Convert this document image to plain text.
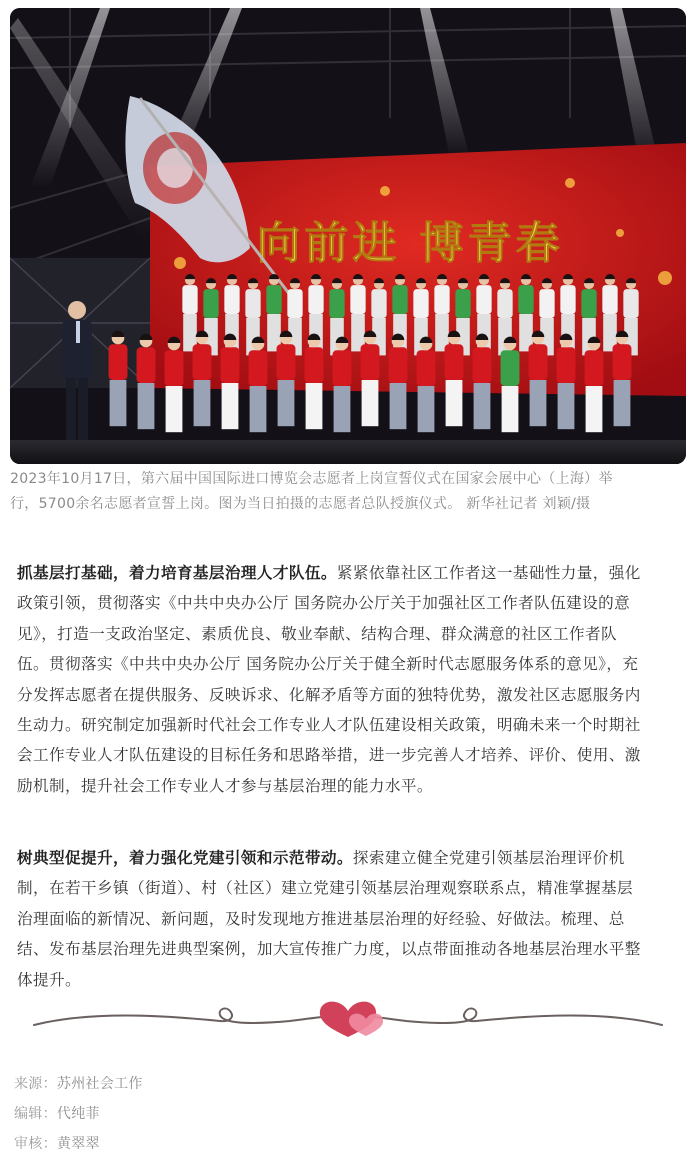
向前进 博青春
2023年10月17日，第六届中国国际进口博览会志愿者上岗宣誓仪式在国家会展中心（上海）举
行，5700余名志愿者宣誓上岗。图为当日拍摄的志愿者总队授旗仪式。 新华社记者 刘颖/摄
抓基层打基础，着力培育基层治理人才队伍。紧紧依靠社区工作者这一基础性力量，强化
政策引领，贯彻落实《中共中央办公厅 国务院办公厅关于加强社区工作者队伍建设的意
见》，打造一支政治坚定、素质优良、敬业奉献、结构合理、群众满意的社区工作者队
伍。贯彻落实《中共中央办公厅 国务院办公厅关于健全新时代志愿服务体系的意见》，充
分发挥志愿者在提供服务、反映诉求、化解矛盾等方面的独特优势，激发社区志愿服务内
生动力。研究制定加强新时代社会工作专业人才队伍建设相关政策，明确未来一个时期社
会工作专业人才队伍建设的目标任务和思路举措，进一步完善人才培养、评价、使用、激
励机制，提升社会工作专业人才参与基层治理的能力水平。
树典型促提升，着力强化党建引领和示范带动。探索建立健全党建引领基层治理评价机
制，在若干乡镇（街道）、村（社区）建立党建引领基层治理观察联系点，精准掌握基层
治理面临的新情况、新问题，及时发现地方推进基层治理的好经验、好做法。梳理、总
结、发布基层治理先进典型案例，加大宣传推广力度，以点带面推动各地基层治理水平整
体提升。
来源：苏州社会工作
编辑：代纯菲
审核：黄翠翠
